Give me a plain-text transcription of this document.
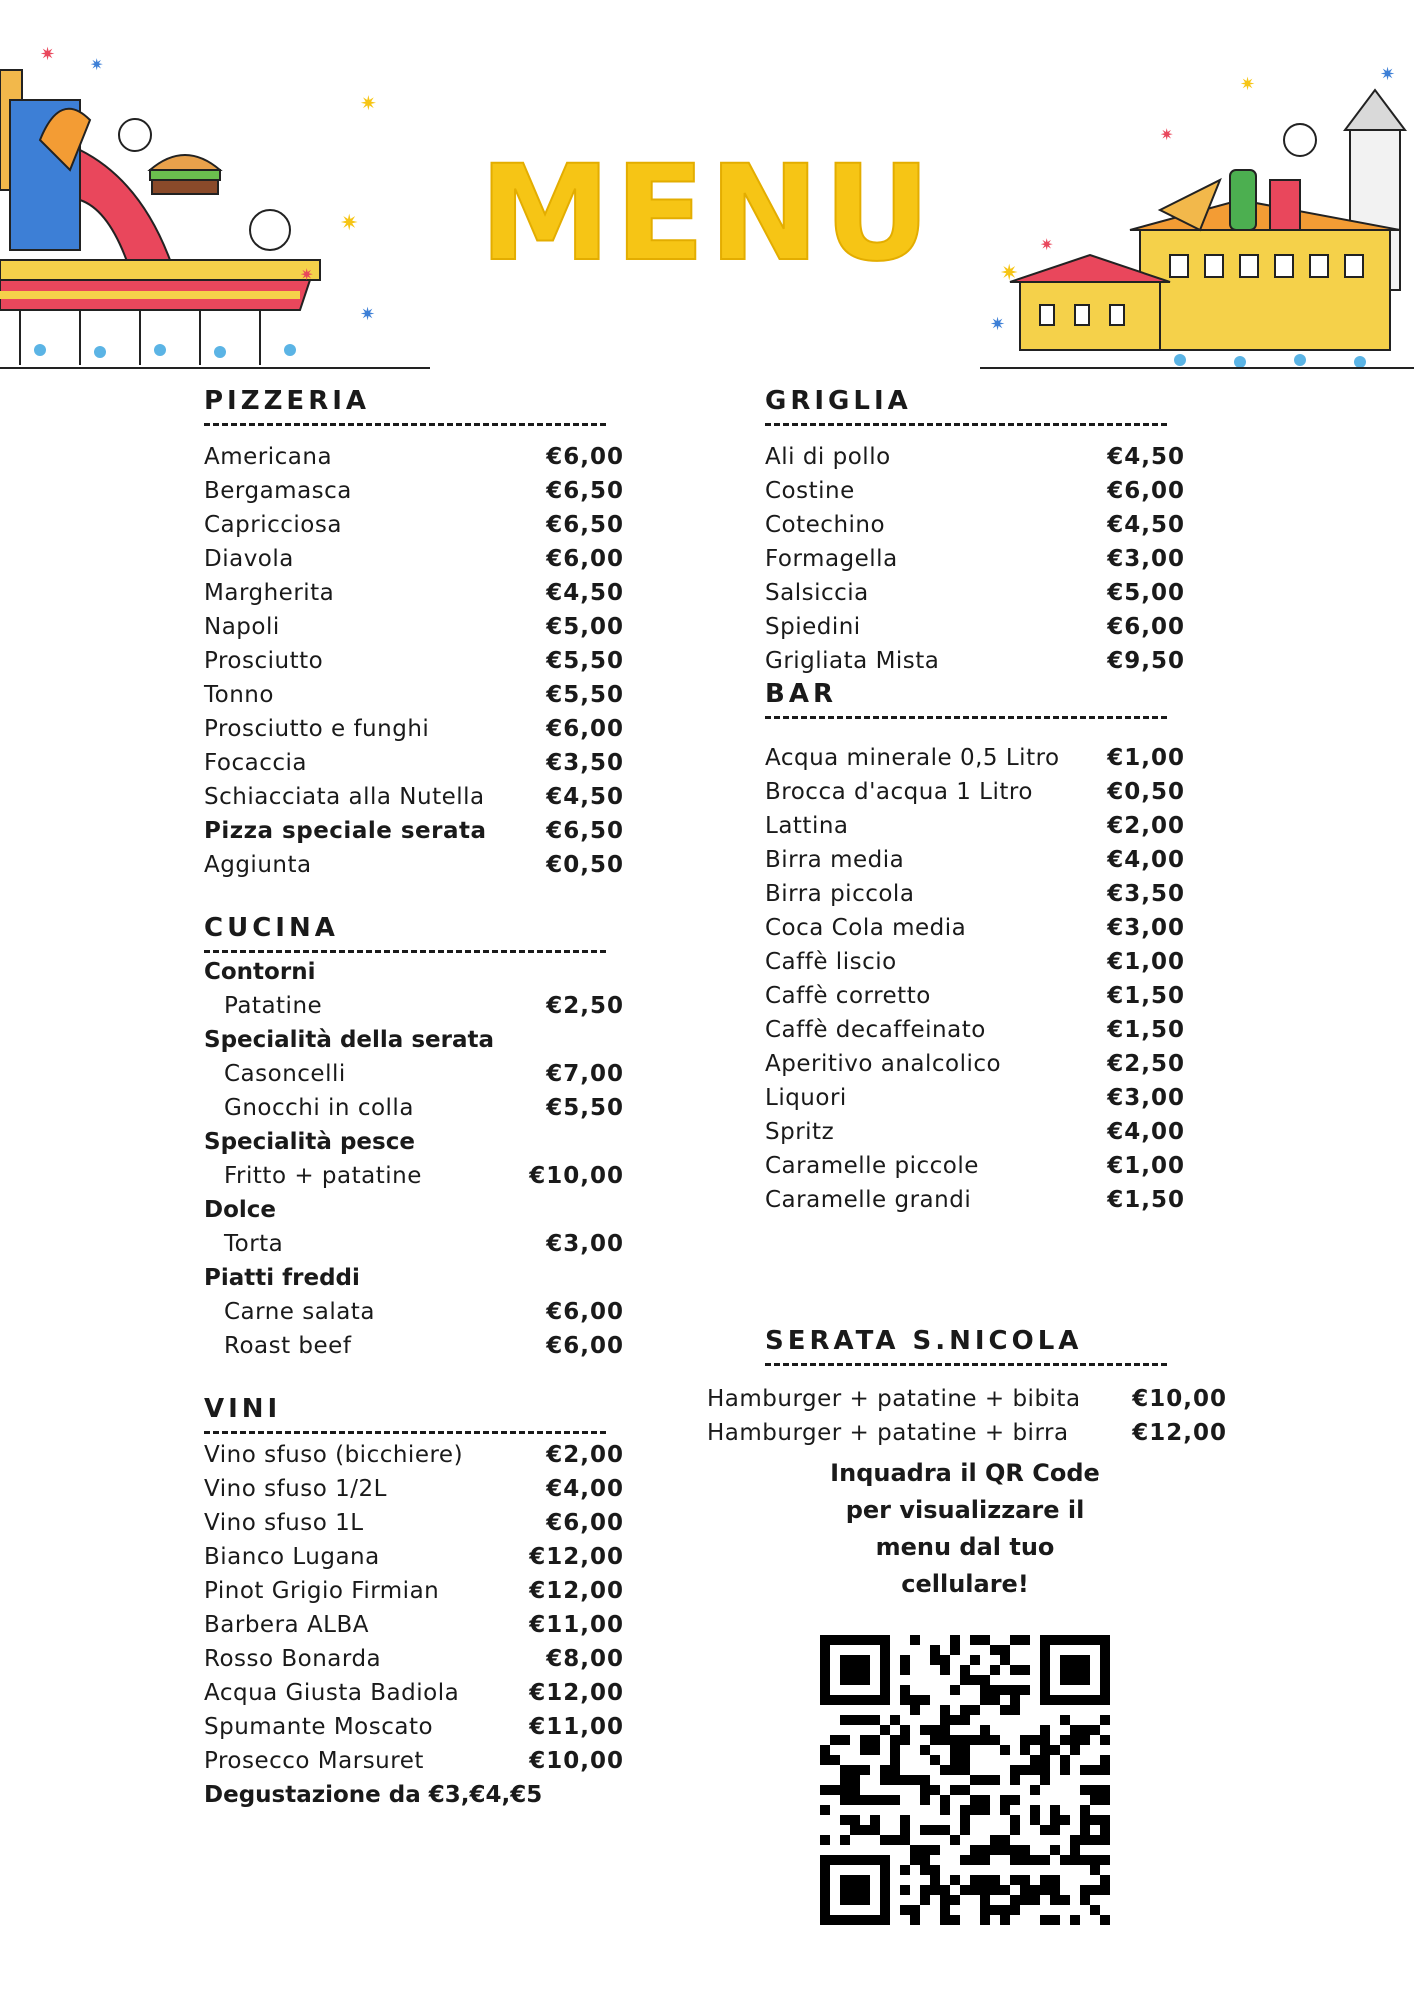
✷
✷
✷
✷
✷
✷	✷
✷
✷
✷
✷
✷
MENU
PIZZERIA
Americana	€6,00
Bergamasca	€6,50
Capricciosa	€6,50
Diavola	€6,00
Margherita	€4,50
Napoli	€5,00
Prosciutto	€5,50
Tonno	€5,50
Prosciutto e funghi	€6,00
Focaccia	€3,50
Schiacciata alla Nutella	€4,50
Pizza speciale serata	€6,50
Aggiunta	€0,50
CUCINA
Contorni
Patatine	€2,50
Specialità della serata
Casoncelli	€7,00
Gnocchi in colla	€5,50
Specialità pesce
Fritto + patatine	€10,00
Dolce
Torta	€3,00
Piatti freddi
Carne salata	€6,00
Roast beef	€6,00
VINI
Vino sfuso (bicchiere)	€2,00
Vino sfuso 1/2L	€4,00
Vino sfuso 1L	€6,00
Bianco Lugana	€12,00
Pinot Grigio Firmian	€12,00
Barbera ALBA	€11,00
Rosso Bonarda	€8,00
Acqua Giusta Badiola	€12,00
Spumante Moscato	€11,00
Prosecco Marsuret	€10,00
Degustazione da €3,€4,€5
GRIGLIA
Ali di pollo	€4,50
Costine	€6,00
Cotechino	€4,50
Formagella	€3,00
Salsiccia	€5,00
Spiedini	€6,00
Grigliata Mista	€9,50
BAR
Acqua minerale 0,5 Litro €1,00
Brocca d'acqua 1 Litro	€0,50
Lattina	€2,00
Birra media	€4,00
Birra piccola	€3,50
Coca Cola media	€3,00
Caffè liscio	€1,00
Caffè corretto	€1,50
Caffè decaffeinato	€1,50
Aperitivo analcolico	€2,50
Liquori	€3,00
Spritz	€4,00
Caramelle piccole	€1,00
Caramelle grandi	€1,50
SERATA S.NICOLA
Hamburger + patatine + bibita €10,00
Hamburger + patatine + birra	€12,00
Inquadra il QR Code
per visualizzare il
menu dal tuo
cellulare!
